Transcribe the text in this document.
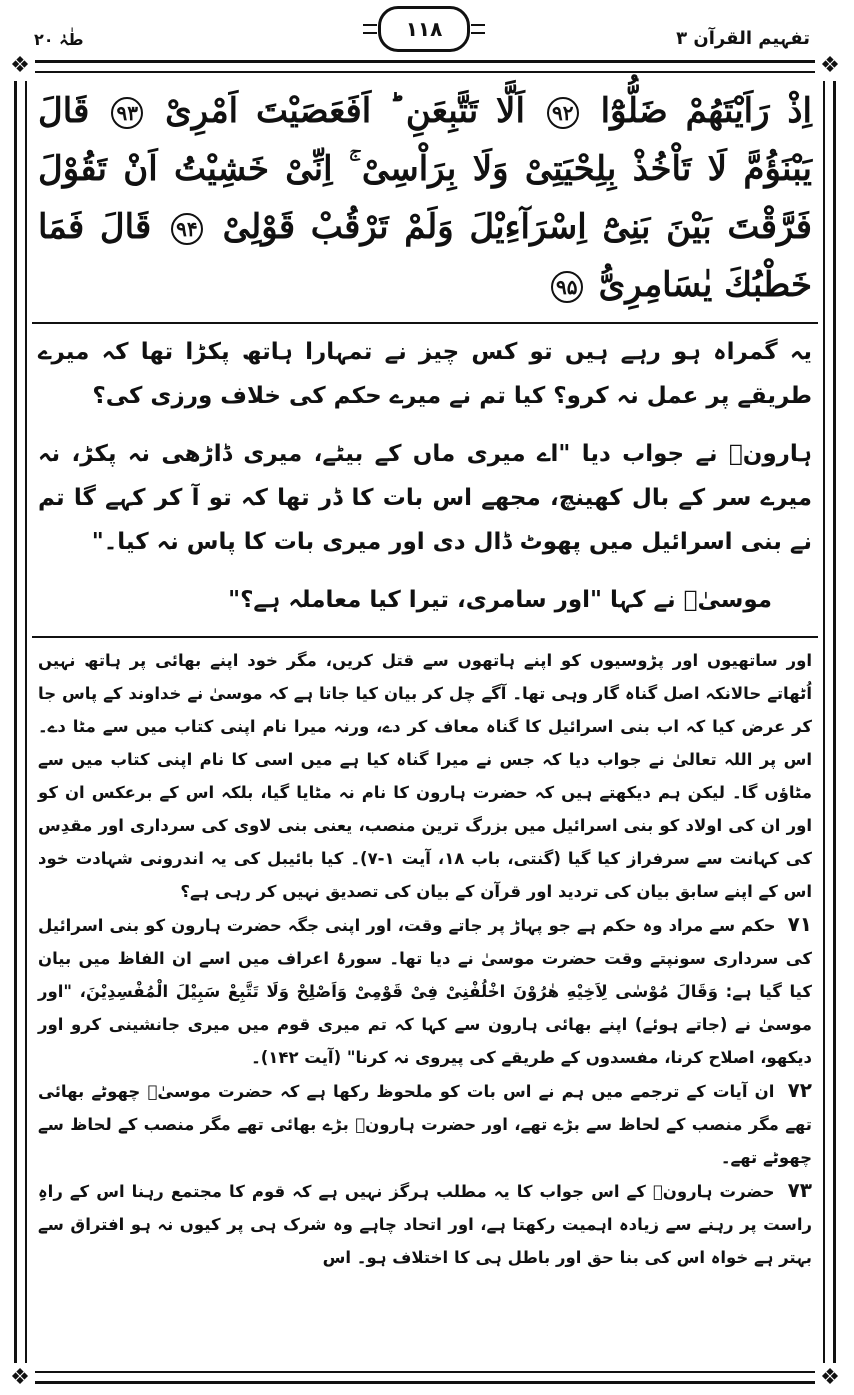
طٰہٰ ۲۰	۱۱۸	تفہیم القرآن ۳
❖	❖
❖	❖
اِذْ رَاَیْتَھُمْ ضَلُّوْٓا ۹۲ اَلَّا تَتَّبِعَنِ ؕ اَفَعَصَیْتَ اَمْرِیْ ۹۳ قَالَ یَبْنَؤُمَّ لَا تَاْخُذْ بِلِحْیَتِیْ وَلَا بِرَاْسِیْ ۚ اِنِّیْ خَشِیْتُ اَنْ تَقُوْلَ فَرَّقْتَ بَیْنَ بَنِیْٓ اِسْرَآءِیْلَ وَلَمْ تَرْقُبْ قَوْلِیْ ۹۴ قَالَ فَمَا خَطْبُكَ یٰسَامِرِیُّ ۹۵

یہ گمراہ ہو رہے ہیں تو کس چیز نے تمہارا ہاتھ پکڑا تھا کہ میرے طریقے پر عمل نہ کرو؟ کیا تم نے میرے حکم کی خلاف ورزی کی؟

ہارونؑ نے جواب دیا "اے میری ماں کے بیٹے، میری ڈاڑھی نہ پکڑ، نہ میرے سر کے بال کھینچ، مجھے اس بات کا ڈر تھا کہ تو آ کر کہے گا تم نے بنی اسرائیل میں پھوٹ ڈال دی اور میری بات کا پاس نہ کیا۔"

موسیٰؑ نے کہا "اور سامری، تیرا کیا معاملہ ہے؟"

اور ساتھیوں اور پڑوسیوں کو اپنے ہاتھوں سے قتل کریں، مگر خود اپنے بھائی پر ہاتھ نہیں اُٹھاتے حالانکہ اصل گناہ گار وہی تھا۔ آگے چل کر بیان کیا جاتا ہے کہ موسیٰ نے خداوند کے پاس جا کر عرض کیا کہ اب بنی اسرائیل کا گناہ معاف کر دے، ورنہ میرا نام اپنی کتاب میں سے مٹا دے۔ اس پر اللہ تعالیٰ نے جواب دیا کہ جس نے میرا گناہ کیا ہے میں اسی کا نام اپنی کتاب میں سے مٹاؤں گا۔ لیکن ہم دیکھتے ہیں کہ حضرت ہارون کا نام نہ مٹایا گیا، بلکہ اس کے برعکس ان کو اور ان کی اولاد کو بنی اسرائیل میں بزرگ ترین منصب، یعنی بنی لاوی کی سرداری اور مقدِس کی کہانت سے سرفراز کیا گیا (گنتی، باب ۱۸، آیت ۱-۷)۔ کیا بائیبل کی یہ اندرونی شہادت خود اس کے اپنے سابق بیان کی تردید اور قرآن کے بیان کی تصدیق نہیں کر رہی ہے؟

۷۱ حکم سے مراد وہ حکم ہے جو پہاڑ پر جاتے وقت، اور اپنی جگہ حضرت ہارون کو بنی اسرائیل کی سرداری سونپتے وقت حضرت موسیٰ نے دیا تھا۔ سورۂ اعراف میں اسے ان الفاظ میں بیان کیا گیا ہے: وَقَالَ مُوْسٰی لِاَخِیْهِ هٰرُوْنَ اخْلُفْنِیْ فِیْ قَوْمِیْ وَاَصْلِحْ وَلَا تَتَّبِعْ سَبِیْلَ الْمُفْسِدِیْنَ، "اور موسیٰ نے (جاتے ہوئے) اپنے بھائی ہارون سے کہا کہ تم میری قوم میں میری جانشینی کرو اور دیکھو، اصلاح کرنا، مفسدوں کے طریقے کی پیروی نہ کرنا" (آیت ۱۴۲)۔

۷۲ ان آیات کے ترجمے میں ہم نے اس بات کو ملحوظ رکھا ہے کہ حضرت موسیٰؑ چھوٹے بھائی تھے مگر منصب کے لحاظ سے بڑے تھے، اور حضرت ہارونؑ بڑے بھائی تھے مگر منصب کے لحاظ سے چھوٹے تھے۔

۷۳ حضرت ہارونؑ کے اس جواب کا یہ مطلب ہرگز نہیں ہے کہ قوم کا مجتمع رہنا اس کے راہِ راست پر رہنے سے زیادہ اہمیت رکھتا ہے، اور اتحاد چاہے وہ شرک ہی پر کیوں نہ ہو افتراق سے بہتر ہے خواہ اس کی بنا حق اور باطل ہی کا اختلاف ہو۔ اس
